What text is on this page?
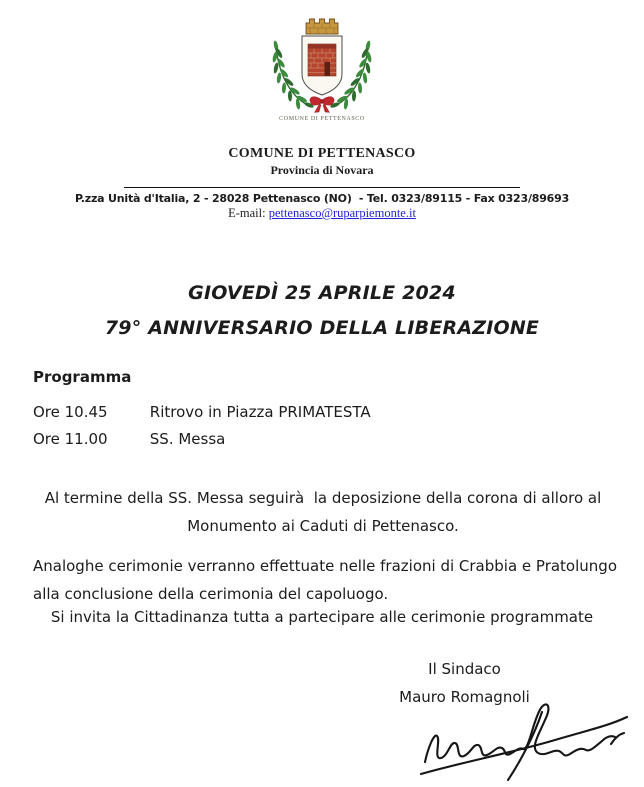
COMUNE DI PETTENASCO
COMUNE DI PETTENASCO
Provincia di Novara
P.zza Unità d'Italia, 2 - 28028 Pettenasco (NO)  - Tel. 0323/89115 - Fax 0323/89693
E-mail: pettenasco@ruparpiemonte.it
GIOVEDÌ 25 APRILE 2024
79° ANNIVERSARIO DELLA LIBERAZIONE
Programma
Ore 10.45	Ritrovo in Piazza PRIMATESTA
Ore 11.00	SS. Messa
Al termine della SS. Messa seguirà  la deposizione della corona di alloro al Monumento ai Caduti di Pettenasco.
Analoghe cerimonie verranno effettuate nelle frazioni di Crabbia e Pratolungo alla conclusione della cerimonia del capoluogo.
Si invita la Cittadinanza tutta a partecipare alle cerimonie programmate
Il Sindaco
Mauro Romagnoli
